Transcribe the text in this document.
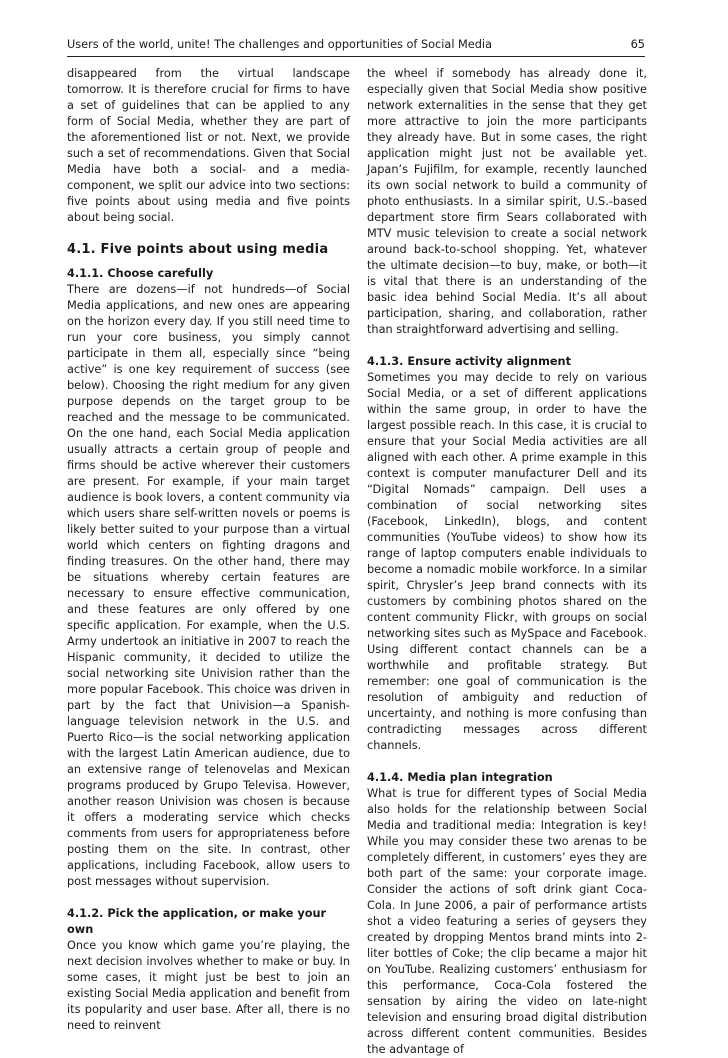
Users of the world, unite! The challenges and opportunities of Social Media	65

disappeared from the virtual landscape tomorrow. It is therefore crucial for firms to have a set of guidelines that can be applied to any form of Social Media, whether they are part of the aforementioned list or not. Next, we provide such a set of recommendations. Given that Social Media have both a social- and a media-component, we split our advice into two sections: five points about using media and five points about being social.

4.1. Five points about using media
4.1.1. Choose carefully

There are dozens—if not hundreds—of Social Media applications, and new ones are appearing on the horizon every day. If you still need time to run your core business, you simply cannot participate in them all, especially since “being active” is one key requirement of success (see below). Choosing the right medium for any given purpose depends on the target group to be reached and the message to be communicated. On the one hand, each Social Media application usually attracts a certain group of people and firms should be active wherever their customers are present. For example, if your main target audience is book lovers, a content community via which users share self-written novels or poems is likely better suited to your purpose than a virtual world which centers on fighting dragons and finding treasures. On the other hand, there may be situations whereby certain features are necessary to ensure effective communication, and these features are only offered by one specific application. For example, when the U.S. Army undertook an initiative in 2007 to reach the Hispanic community, it decided to utilize the social networking site Univision rather than the more popular Facebook. This choice was driven in part by the fact that Univision—a Spanish-language television network in the U.S. and Puerto Rico—is the social networking application with the largest Latin American audience, due to an extensive range of telenovelas and Mexican programs produced by Grupo Televisa. However, another reason Univision was chosen is because it offers a moderating service which checks comments from users for appropriateness before posting them on the site. In contrast, other applications, including Facebook, allow users to post messages without supervision.

4.1.2. Pick the application, or make your own

Once you know which game you’re playing, the next decision involves whether to make or buy. In some cases, it might just be best to join an existing Social Media application and benefit from its popularity and user base. After all, there is no need to reinvent

the wheel if somebody has already done it, especially given that Social Media show positive network externalities in the sense that they get more attractive to join the more participants they already have. But in some cases, the right application might just not be available yet. Japan’s Fujifilm, for example, recently launched its own social network to build a community of photo enthusiasts. In a similar spirit, U.S.-based department store firm Sears collaborated with MTV music television to create a social network around back-to-school shopping. Yet, whatever the ultimate decision—to buy, make, or both—it is vital that there is an understanding of the basic idea behind Social Media. It’s all about participation, sharing, and collaboration, rather than straightforward advertising and selling.

4.1.3. Ensure activity alignment

Sometimes you may decide to rely on various Social Media, or a set of different applications within the same group, in order to have the largest possible reach. In this case, it is crucial to ensure that your Social Media activities are all aligned with each other. A prime example in this context is computer manufacturer Dell and its “Digital Nomads” campaign. Dell uses a combination of social networking sites (Facebook, LinkedIn), blogs, and content communities (YouTube videos) to show how its range of laptop computers enable individuals to become a nomadic mobile workforce. In a similar spirit, Chrysler’s Jeep brand connects with its customers by combining photos shared on the content community Flickr, with groups on social networking sites such as MySpace and Facebook. Using different contact channels can be a worthwhile and profitable strategy. But remember: one goal of communication is the resolution of ambiguity and reduction of uncertainty, and nothing is more confusing than contradicting messages across different channels.

4.1.4. Media plan integration

What is true for different types of Social Media also holds for the relationship between Social Media and traditional media: Integration is key! While you may consider these two arenas to be completely different, in customers’ eyes they are both part of the same: your corporate image. Consider the actions of soft drink giant Coca-Cola. In June 2006, a pair of performance artists shot a video featuring a series of geysers they created by dropping Mentos brand mints into 2-liter bottles of Coke; the clip became a major hit on YouTube. Realizing customers’ enthusiasm for this performance, Coca-Cola fostered the sensation by airing the video on late-night television and ensuring broad digital distribution across different content communities. Besides the advantage of
